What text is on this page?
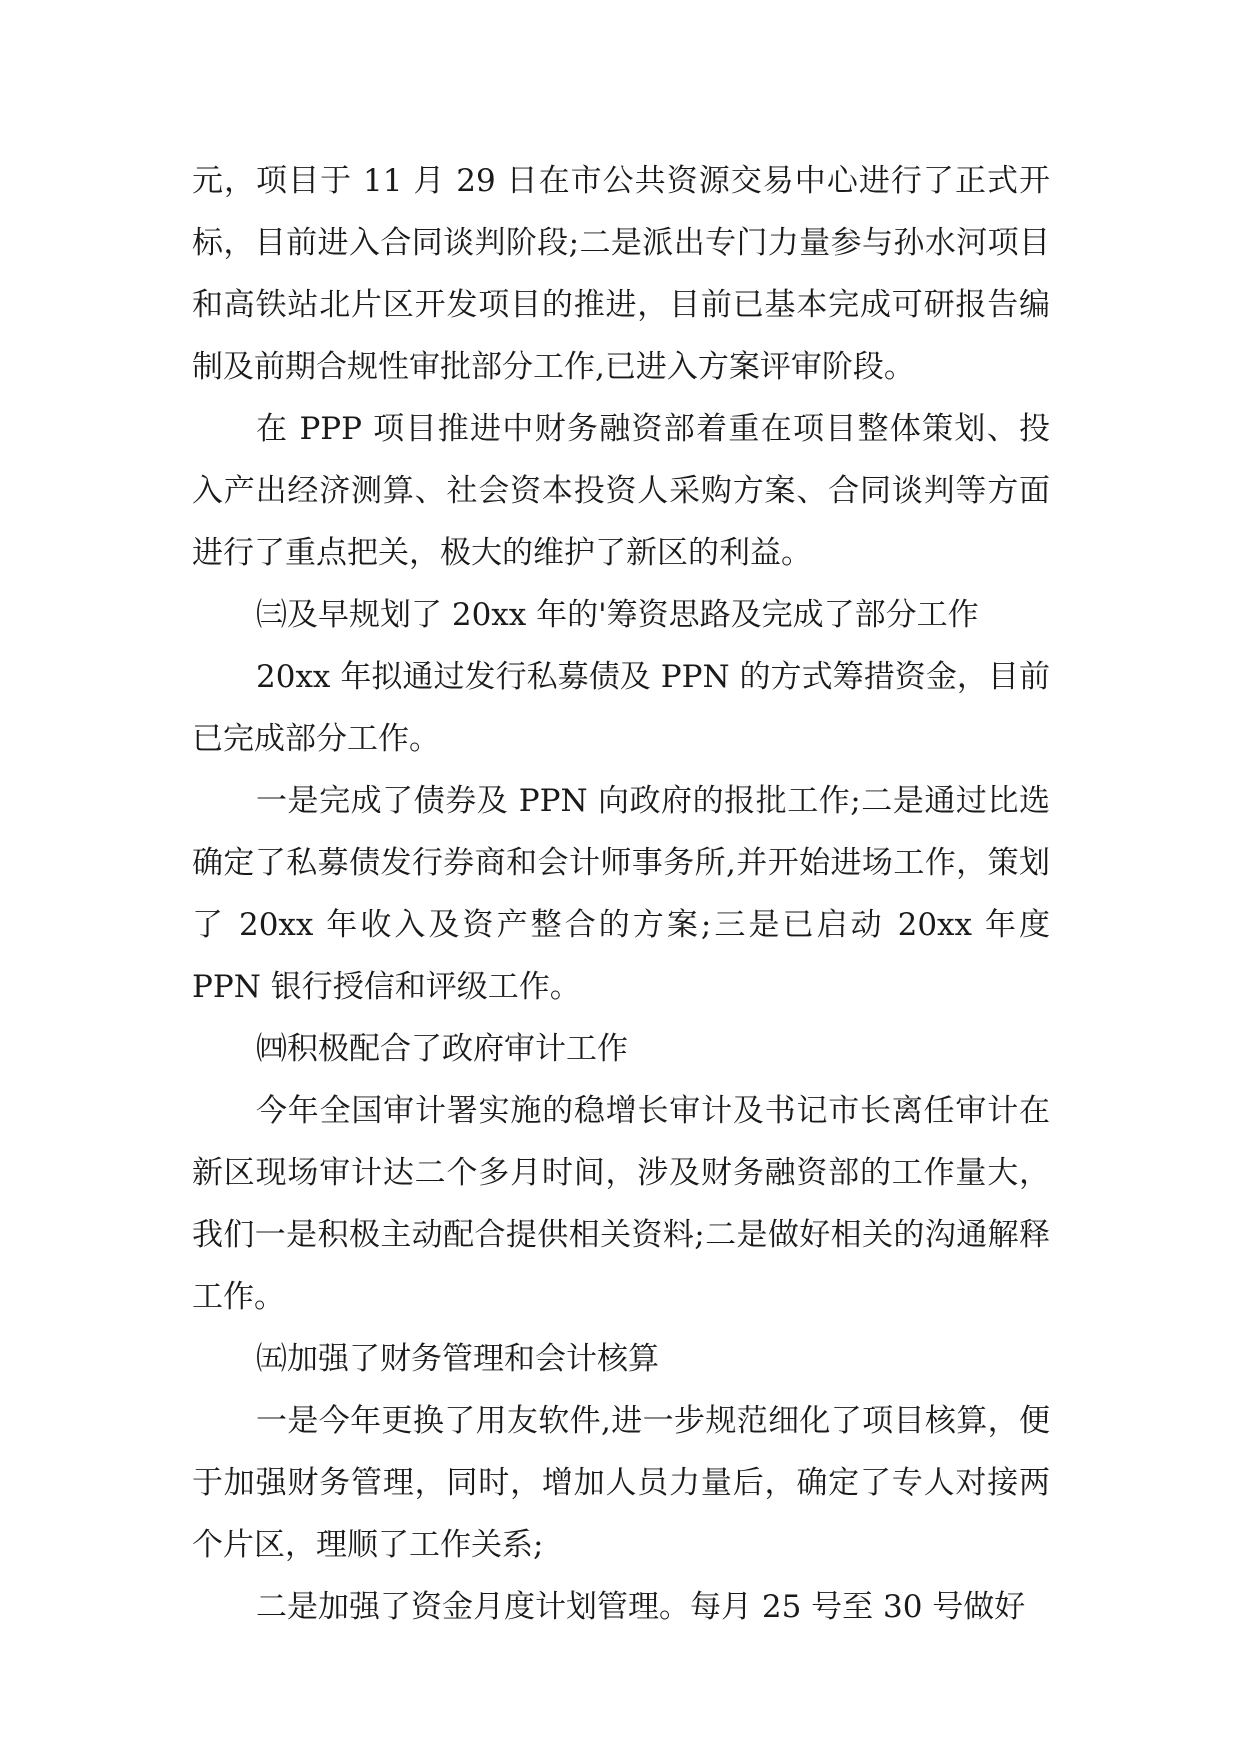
元，项目于 11 月 29 日在市公共资源交易中心进行了正式开标，目前进入合同谈判阶段;二是派出专门力量参与孙水河项目和高铁站北片区开发项目的推进，目前已基本完成可研报告编制及前期合规性审批部分工作,已进入方案评审阶段。

在 PPP 项目推进中财务融资部着重在项目整体策划、投入产出经济测算、社会资本投资人采购方案、合同谈判等方面进行了重点把关，极大的维护了新区的利益。

㈢及早规划了 20xx 年的'筹资思路及完成了部分工作

20xx 年拟通过发行私募债及 PPN 的方式筹措资金，目前已完成部分工作。

一是完成了债券及 PPN 向政府的报批工作;二是通过比选确定了私募债发行券商和会计师事务所,并开始进场工作，策划了 20xx 年收入及资产整合的方案;三是已启动 20xx 年度 PPN 银行授信和评级工作。

㈣积极配合了政府审计工作

今年全国审计署实施的稳增长审计及书记市长离任审计在新区现场审计达二个多月时间，涉及财务融资部的工作量大，我们一是积极主动配合提供相关资料;二是做好相关的沟通解释工作。

㈤加强了财务管理和会计核算

一是今年更换了用友软件,进一步规范细化了项目核算，便于加强财务管理，同时，增加人员力量后，确定了专人对接两个片区，理顺了工作关系;

二是加强了资金月度计划管理。每月 25 号至 30 号做好
